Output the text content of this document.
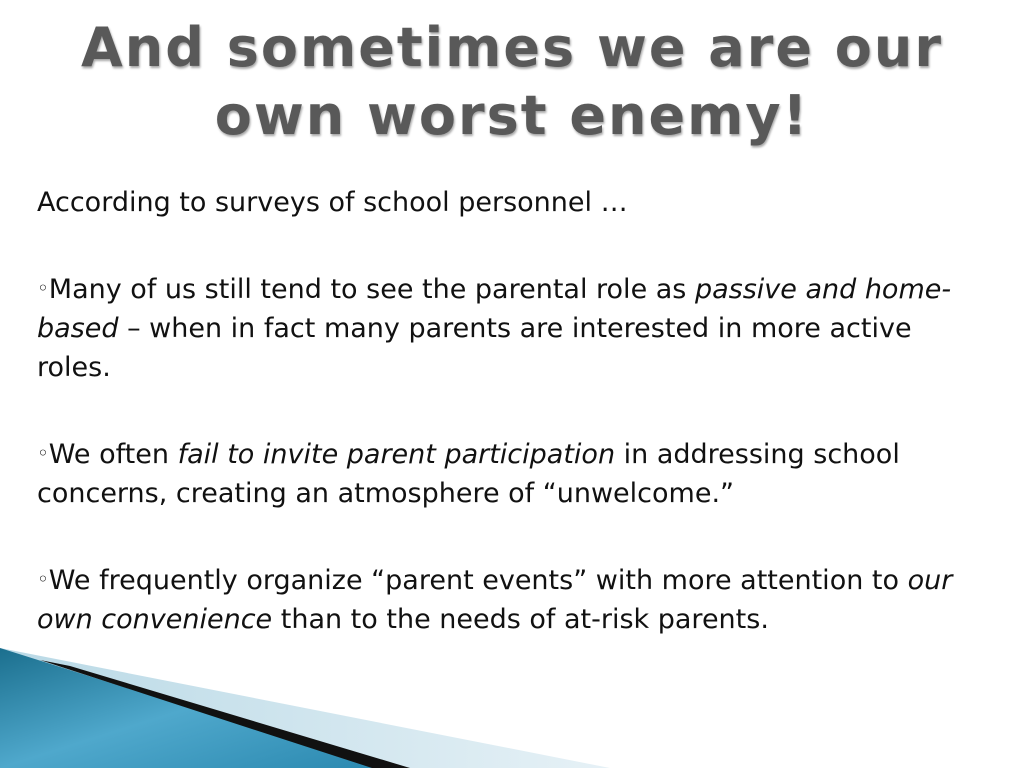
And sometimes we are our own worst enemy!

According to surveys of school personnel …

◦Many of us still tend to see the parental role as passive and home-based – when in fact many parents are interested in more active roles.

◦We often fail to invite parent participation in addressing school concerns, creating an atmosphere of “unwelcome.”

◦We frequently organize “parent events” with more attention to our own convenience than to the needs of at-risk parents.
